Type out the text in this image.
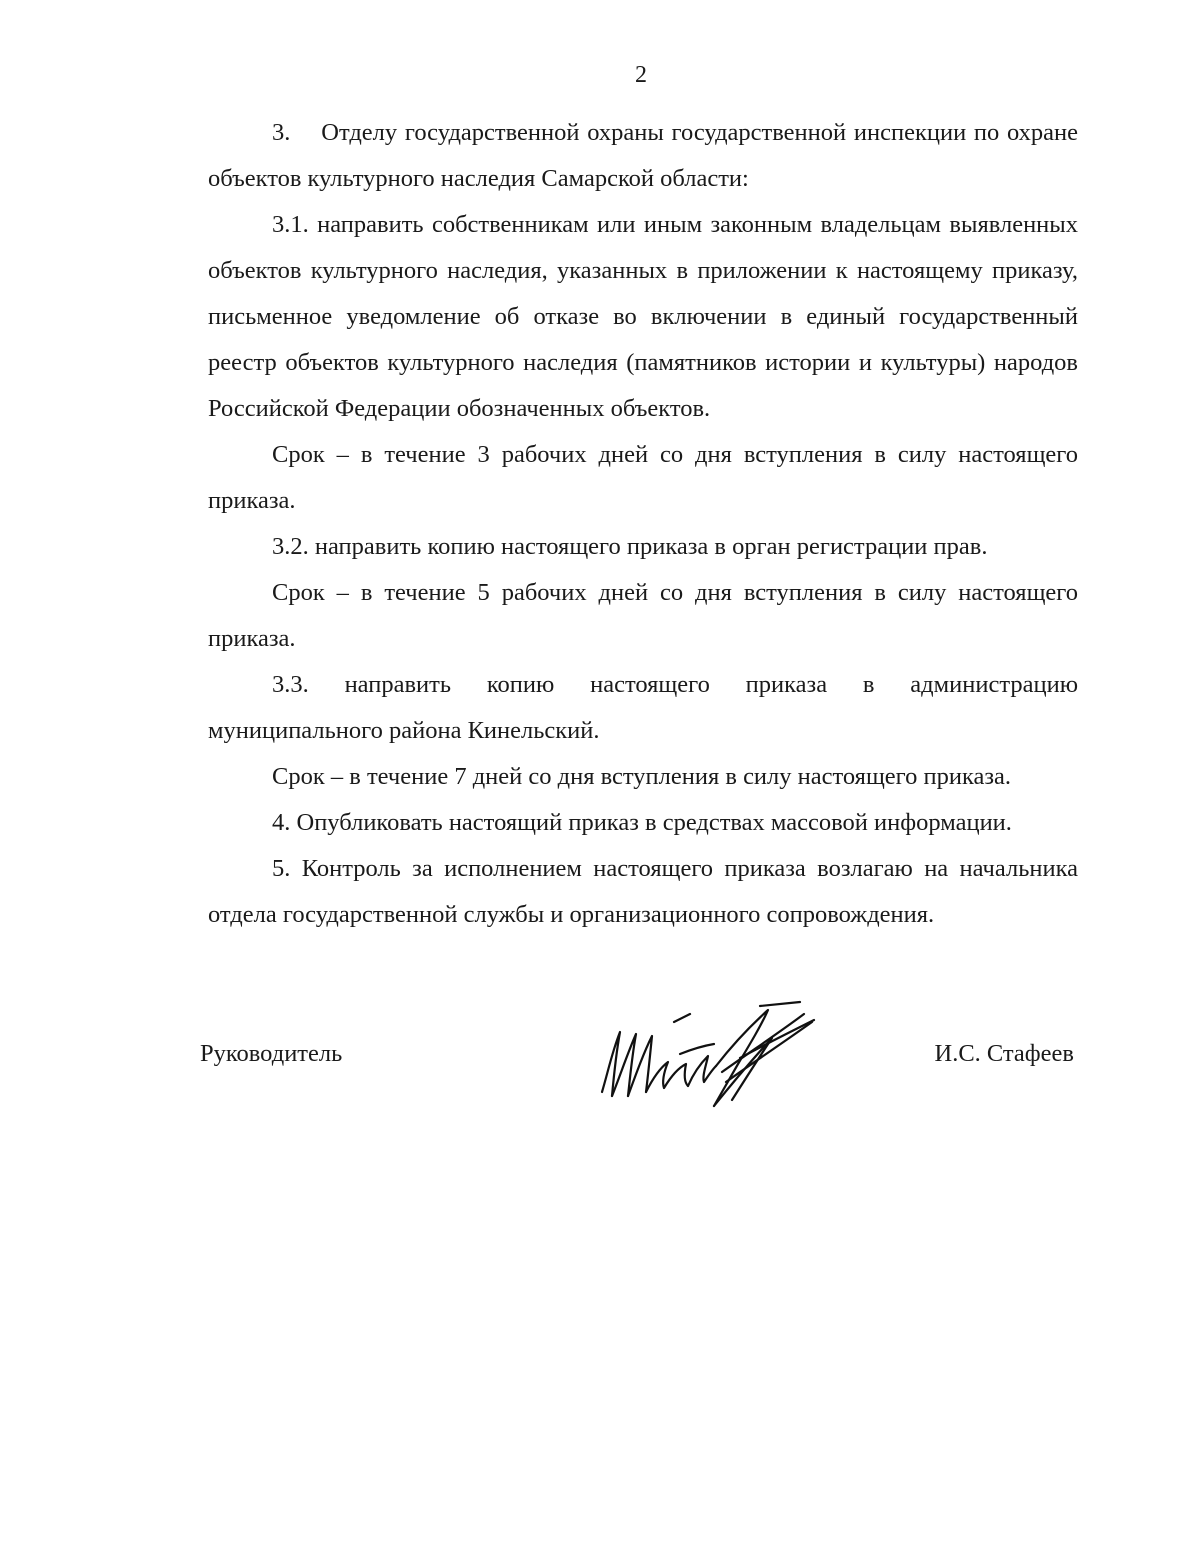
2

3.    Отделу государственной охраны государственной инспекции по охране объектов культурного наследия Самарской области:

3.1. направить собственникам или иным законным владельцам выявленных объектов культурного наследия, указанных в приложении к настоящему приказу, письменное уведомление об отказе во включении в единый государственный реестр объектов культурного наследия (памятников истории и культуры) народов Российской Федерации обозначенных объектов.

Срок – в течение 3 рабочих дней со дня вступления в силу настоящего приказа.

3.2. направить копию настоящего приказа в орган регистрации прав.

Срок – в течение 5 рабочих дней со дня вступления в силу настоящего приказа.

3.3. направить копию настоящего приказа в администрацию муниципального района Кинельский.

Срок – в течение 7 дней со дня вступления в силу настоящего приказа.

4. Опубликовать настоящий приказ в средствах массовой информации.

5. Контроль за исполнением настоящего приказа возлагаю на начальника отдела государственной службы и организационного сопровождения.

Руководитель	И.С. Стафеев
